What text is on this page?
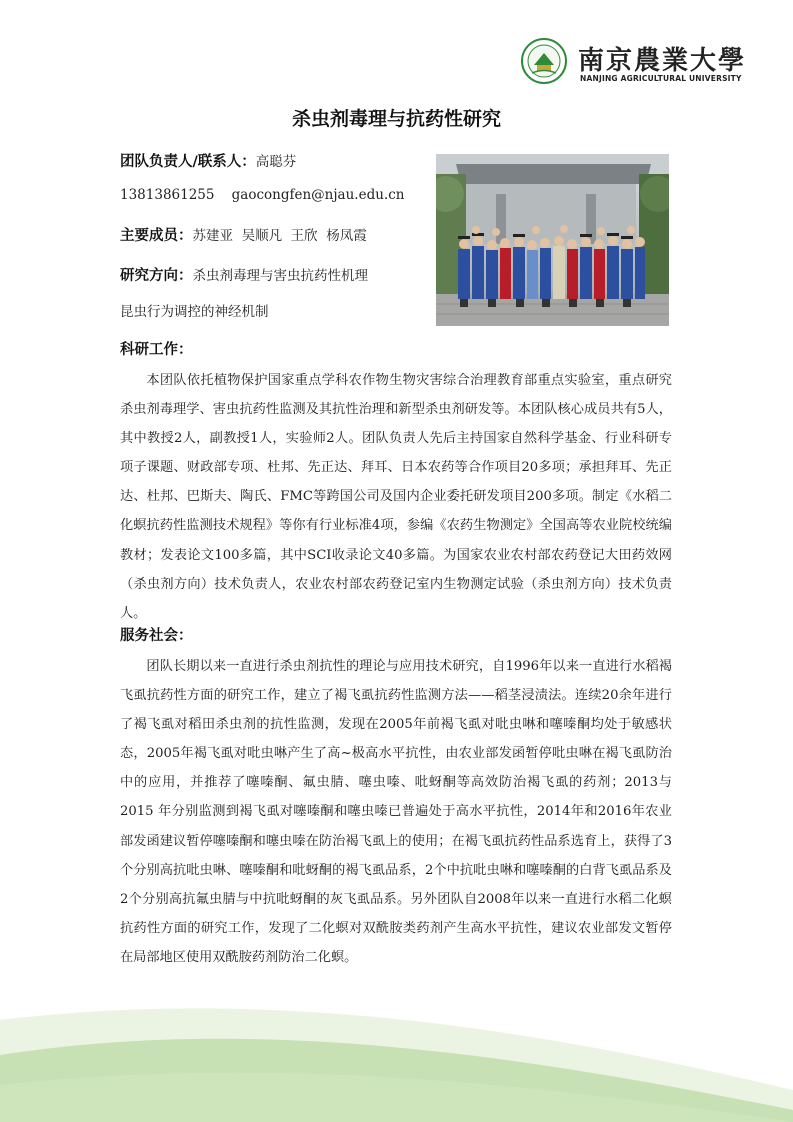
南京農業大學
NANJING AGRICULTURAL UNIVERSITY
杀虫剂毒理与抗药性研究
团队负责人/联系人：高聪芬
13813861255 gaocongfen@njau.edu.cn
主要成员：苏建亚  吴顺凡  王欣  杨凤霞
研究方向：杀虫剂毒理与害虫抗药性机理
昆虫行为调控的神经机制
科研工作：

本团队依托植物保护国家重点学科农作物生物灾害综合治理教育部重点实验室，重点研究杀虫剂毒理学、害虫抗药性监测及其抗性治理和新型杀虫剂研发等。本团队核心成员共有5人，其中教授2人，副教授1人，实验师2人。团队负责人先后主持国家自然科学基金、行业科研专项子课题、财政部专项、杜邦、先正达、拜耳、日本农药等合作项目20多项；承担拜耳、先正达、杜邦、巴斯夫、陶氏、FMC等跨国公司及国内企业委托研发项目200多项。制定《水稻二化螟抗药性监测技术规程》等你有行业标准4项，参编《农药生物测定》全国高等农业院校统编教材；发表论文100多篇，其中SCI收录论文40多篇。为国家农业农村部农药登记大田药效网（杀虫剂方向）技术负责人，农业农村部农药登记室内生物测定试验（杀虫剂方向）技术负责人。

服务社会：

团队长期以来一直进行杀虫剂抗性的理论与应用技术研究，自1996年以来一直进行水稻褐飞虱抗药性方面的研究工作，建立了褐飞虱抗药性监测方法——稻茎浸渍法。连续20余年进行了褐飞虱对稻田杀虫剂的抗性监测，发现在2005年前褐飞虱对吡虫啉和噻嗪酮均处于敏感状态，2005年褐飞虱对吡虫啉产生了高~极高水平抗性，由农业部发函暂停吡虫啉在褐飞虱防治中的应用，并推荐了噻嗪酮、氟虫腈、噻虫嗪、吡蚜酮等高效防治褐飞虱的药剂；2013与2015 年分别监测到褐飞虱对噻嗪酮和噻虫嗪已普遍处于高水平抗性，2014年和2016年农业部发函建议暂停噻嗪酮和噻虫嗪在防治褐飞虱上的使用；在褐飞虱抗药性品系选育上，获得了3个分别高抗吡虫啉、噻嗪酮和吡蚜酮的褐飞虱品系，2个中抗吡虫啉和噻嗪酮的白背飞虱品系及2个分别高抗氟虫腈与中抗吡蚜酮的灰飞虱品系。另外团队自2008年以来一直进行水稻二化螟抗药性方面的研究工作，发现了二化螟对双酰胺类药剂产生高水平抗性，建议农业部发文暂停在局部地区使用双酰胺药剂防治二化螟。
